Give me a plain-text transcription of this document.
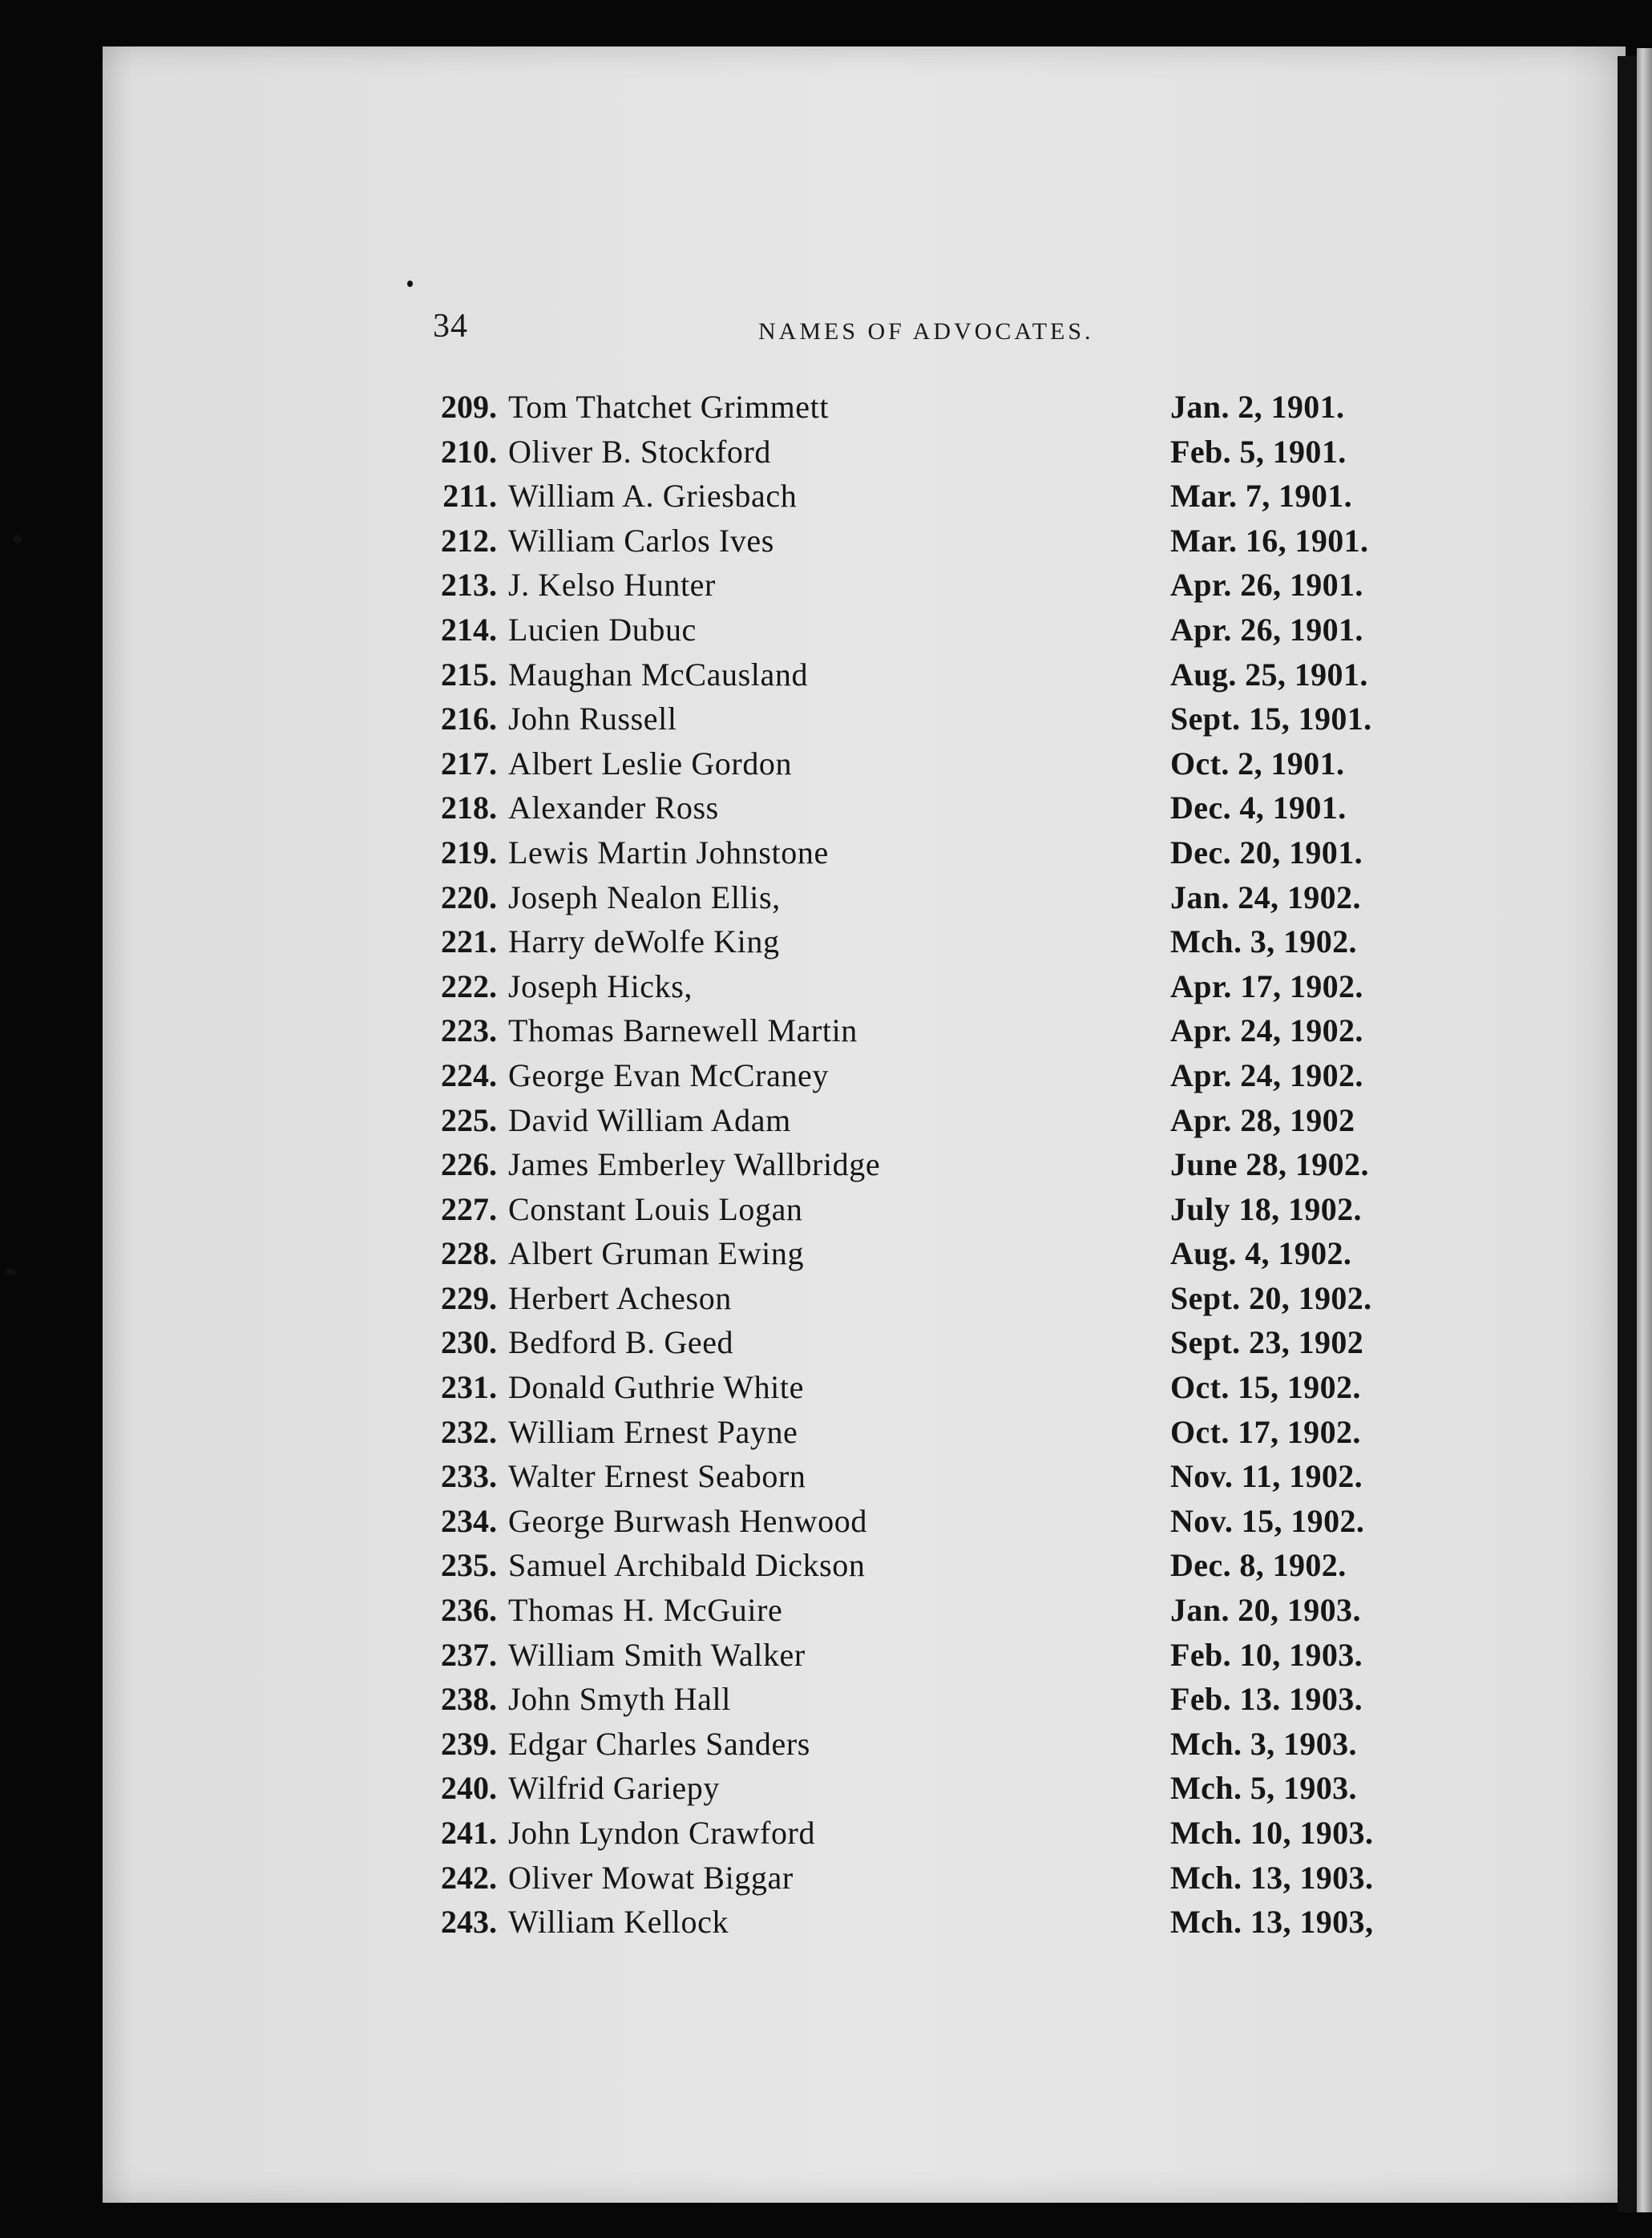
34	NAMES OF ADVOCATES.
209. Tom Thatchet Grimmett	Jan. 2, 1901.
210. Oliver B. Stockford	Feb. 5, 1901.
211. William A. Griesbach	Mar. 7, 1901.
212. William Carlos Ives	Mar. 16, 1901.
213. J. Kelso Hunter	Apr. 26, 1901.
214. Lucien Dubuc	Apr. 26, 1901.
215. Maughan McCausland	Aug. 25, 1901.
216. John Russell	Sept. 15, 1901.
217. Albert Leslie Gordon	Oct. 2, 1901.
218. Alexander Ross	Dec. 4, 1901.
219. Lewis Martin Johnstone	Dec. 20, 1901.
220. Joseph Nealon Ellis,	Jan. 24, 1902.
221. Harry deWolfe King	Mch. 3, 1902.
222. Joseph Hicks,	Apr. 17, 1902.
223. Thomas Barnewell Martin	Apr. 24, 1902.
224. George Evan McCraney	Apr. 24, 1902.
225. David William Adam	Apr. 28, 1902
226. James Emberley Wallbridge	June 28, 1902.
227. Constant Louis Logan	July 18, 1902.
228. Albert Gruman Ewing	Aug. 4, 1902.
229. Herbert Acheson	Sept. 20, 1902.
230. Bedford B. Geed	Sept. 23, 1902
231. Donald Guthrie White	Oct. 15, 1902.
232. William Ernest Payne	Oct. 17, 1902.
233. Walter Ernest Seaborn	Nov. 11, 1902.
234. George Burwash Henwood	Nov. 15, 1902.
235. Samuel Archibald Dickson	Dec. 8, 1902.
236. Thomas H. McGuire	Jan. 20, 1903.
237. William Smith Walker	Feb. 10, 1903.
238. John Smyth Hall	Feb. 13. 1903.
239. Edgar Charles Sanders	Mch. 3, 1903.
240. Wilfrid Gariepy	Mch. 5, 1903.
241. John Lyndon Crawford	Mch. 10, 1903.
242. Oliver Mowat Biggar	Mch. 13, 1903.
243. William Kellock	Mch. 13, 1903,
